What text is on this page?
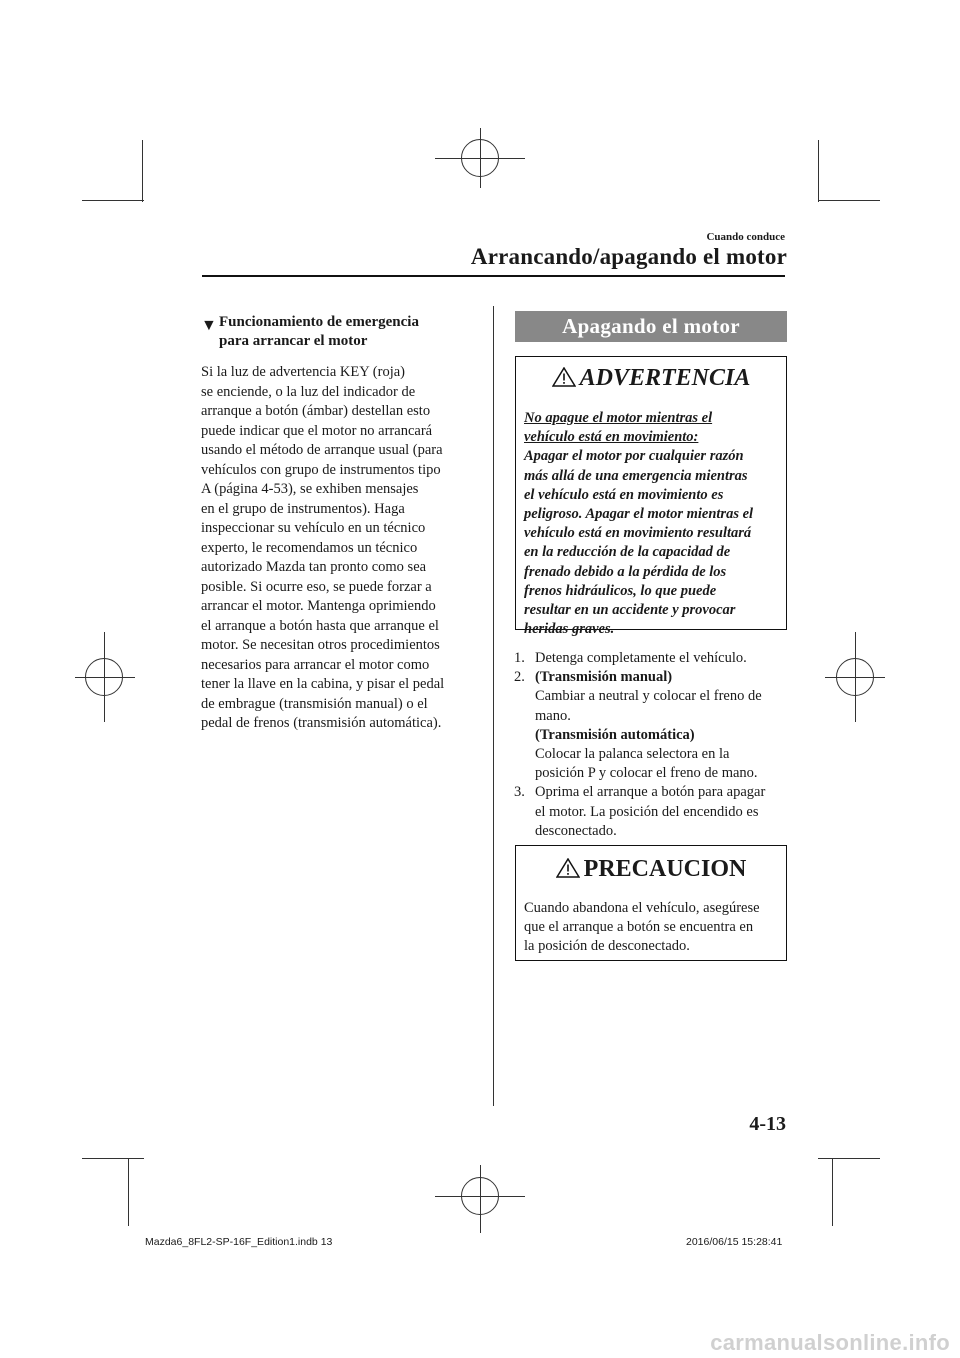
Cuando conduce
Arrancando/apagando el motor
▼ Funcionamiento de emergencia
para arrancar el motor
Si la luz de advertencia KEY (roja)
se enciende, o la luz del indicador de
arranque a botón (ámbar) destellan esto
puede indicar que el motor no arrancará
usando el método de arranque usual (para
vehículos con grupo de instrumentos tipo
A (página 4-53), se exhiben mensajes
en el grupo de instrumentos). Haga
inspeccionar su vehículo en un técnico
experto, le recomendamos un técnico
autorizado Mazda tan pronto como sea
posible. Si ocurre eso, se puede forzar a
arrancar el motor. Mantenga oprimiendo
el arranque a botón hasta que arranque el
motor. Se necesitan otros procedimientos
necesarios para arrancar el motor como
tener la llave en la cabina, y pisar el pedal
de embrague (transmisión manual) o el
pedal de frenos (transmisión automática).
Apagando el motor
ADVERTENCIA
No apague el motor mientras el
vehículo está en movimiento:
Apagar el motor por cualquier razón
más allá de una emergencia mientras
el vehículo está en movimiento es
peligroso. Apagar el motor mientras el
vehículo está en movimiento resultará
en la reducción de la capacidad de
frenado debido a la pérdida de los
frenos hidráulicos, lo que puede
resultar en un accidente y provocar
heridas graves.
1. Detenga completamente el vehículo.
2. (Transmisión manual)
Cambiar a neutral y colocar el freno de
mano.
(Transmisión automática)
Colocar la palanca selectora en la
posición P y colocar el freno de mano.
3. Oprima el arranque a botón para apagar
el motor. La posición del encendido es
desconectado.
PRECAUCION
Cuando abandona el vehículo, asegúrese
que el arranque a botón se encuentra en
la posición de desconectado.
4-13
Mazda6_8FL2-SP-16F_Edition1.indb 13	2016/06/15 15:28:41
carmanualsonline.info
